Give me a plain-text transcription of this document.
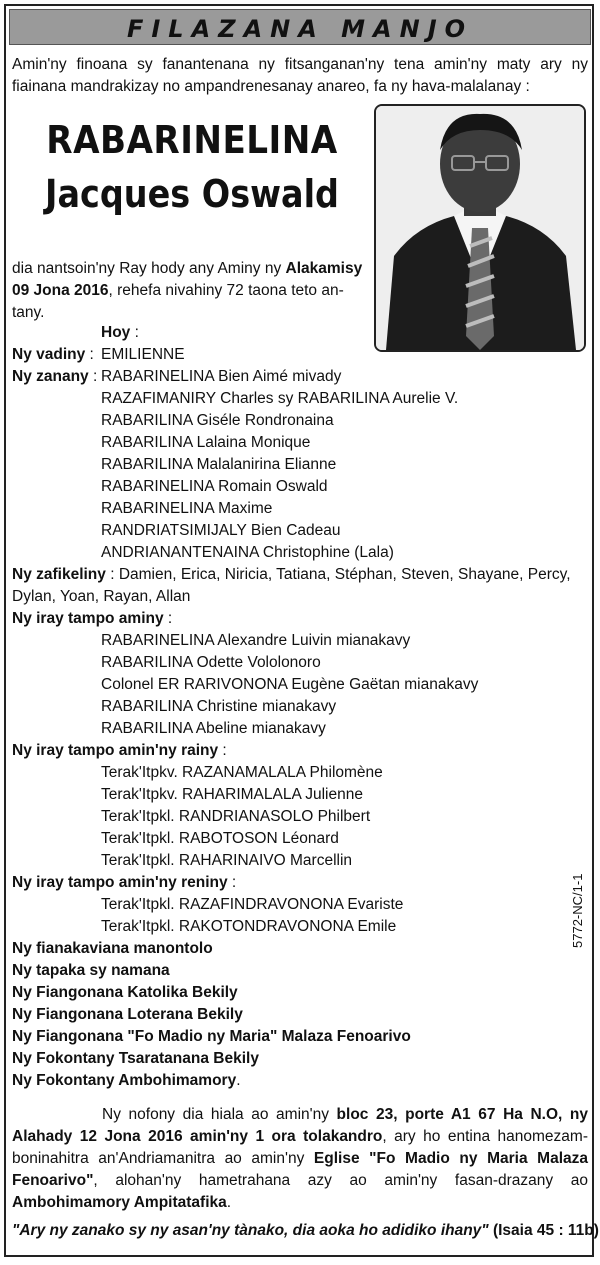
FILAZANA MANJO
Amin'ny finoana sy fanantenana ny fitsanganan'ny tena amin'ny maty ary ny fiainana mandrakizay no ampandrenesanay anareo, fa ny hava-malalanay :
RABARINELINA
Jacques Oswald
dia nantsoin'ny Ray hody any Aminy ny Alakamisy 09 Jona 2016, rehefa nivahiny 72 taona teto an-tany.
Hoy :
Ny vadiny : EMILIENNE
Ny zanany : RABARINELINA Bien Aimé mivady
RAZAFIMANIRY Charles sy RABARILINA Aurelie V.
RABARILINA Giséle Rondronaina
RABARILINA Lalaina Monique
RABARILINA Malalanirina Elianne
RABARINELINA Romain Oswald
RABARINELINA Maxime
RANDRIATSIMIJALY Bien Cadeau
ANDRIANANTENAINA Christophine (Lala)
Ny zafikeliny : Damien, Erica, Niricia, Tatiana, Stéphan, Steven, Shayane, Percy,
Dylan, Yoan, Rayan, Allan
Ny iray tampo aminy :
RABARINELINA Alexandre Luivin mianakavy
RABARILINA Odette Vololonoro
Colonel ER RARIVONONA Eugène Gaëtan mianakavy
RABARILINA Christine mianakavy
RABARILINA Abeline mianakavy
Ny iray tampo amin'ny rainy :
Terak'Itpkv. RAZANAMALALA Philomène
Terak'Itpkv. RAHARIMALALA Julienne
Terak'Itpkl. RANDRIANASOLO Philbert
Terak'Itpkl. RABOTOSON Léonard
Terak'Itpkl. RAHARINAIVO Marcellin
Ny iray tampo amin'ny reniny :
Terak'Itpkl. RAZAFINDRAVONONA Evariste
Terak'Itpkl. RAKOTONDRAVONONA Emile
Ny fianakaviana manontolo
Ny tapaka sy namana
Ny Fiangonana Katolika Bekily
Ny Fiangonana Loterana Bekily
Ny Fiangonana "Fo Madio ny Maria" Malaza Fenoarivo
Ny Fokontany Tsaratanana Bekily
Ny Fokontany Ambohimamory.
5772-NC/1-1
Ny nofony dia hiala ao amin'ny bloc 23, porte A1 67 Ha N.O, ny Alahady 12 Jona 2016 amin'ny 1 ora tolakandro, ary ho entina hanomezam-boninahitra an'Andriamanitra ao amin'ny Eglise "Fo Madio ny Maria Malaza Fenoarivo", alohan'ny hametrahana azy ao amin'ny fasan-drazany ao Ambohimamory Ampitatafika.
"Ary ny zanako sy ny asan'ny tànako, dia aoka ho adidiko ihany" (Isaia 45 : 11b)
